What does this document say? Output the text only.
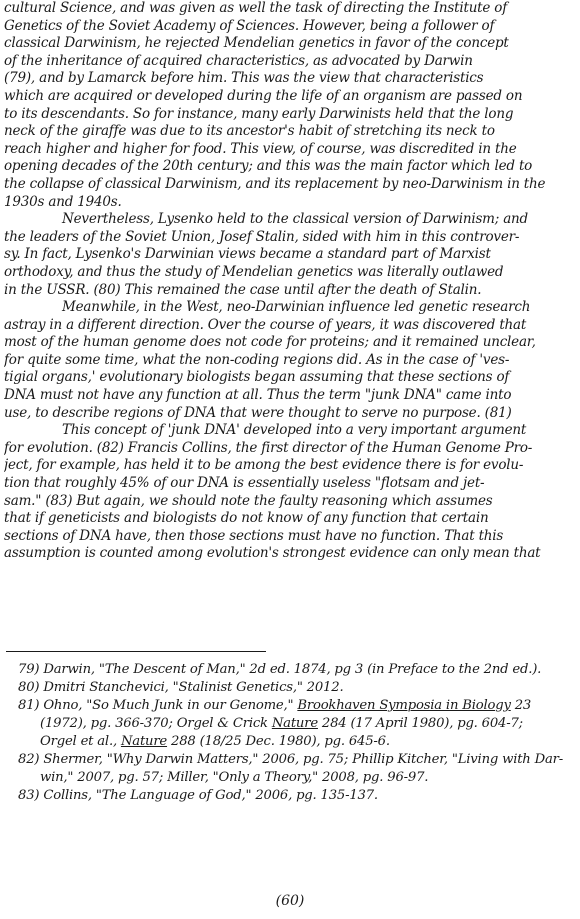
cultural Science, and was given as well the task of directing the Institute of
Genetics of the Soviet Academy of Sciences. However, being a follower of
classical Darwinism, he rejected Mendelian genetics in favor of the concept
of the inheritance of acquired characteristics, as advocated by Darwin
(79), and by Lamarck before him. This was the view that characteristics
which are acquired or developed during the life of an organism are passed on
to its descendants. So for instance, many early Darwinists held that the long
neck of the giraffe was due to its ancestor's habit of stretching its neck to
reach higher and higher for food. This view, of course, was discredited in the
opening decades of the 20th century; and this was the main factor which led to
the collapse of classical Darwinism, and its replacement by neo-Darwinism in the
1930s and 1940s.
Nevertheless, Lysenko held to the classical version of Darwinism; and
the leaders of the Soviet Union, Josef Stalin, sided with him in this controver-
sy. In fact, Lysenko's Darwinian views became a standard part of Marxist
orthodoxy, and thus the study of Mendelian genetics was literally outlawed
in the USSR. (80) This remained the case until after the death of Stalin.
Meanwhile, in the West, neo-Darwinian influence led genetic research
astray in a different direction. Over the course of years, it was discovered that
most of the human genome does not code for proteins; and it remained unclear,
for quite some time, what the non-coding regions did. As in the case of 'ves-
tigial organs,' evolutionary biologists began assuming that these sections of
DNA must not have any function at all. Thus the term "junk DNA" came into
use, to describe regions of DNA that were thought to serve no purpose. (81)
This concept of 'junk DNA' developed into a very important argument
for evolution. (82) Francis Collins, the first director of the Human Genome Pro-
ject, for example, has held it to be among the best evidence there is for evolu-
tion that roughly 45% of our DNA is essentially useless "flotsam and jet-
sam." (83) But again, we should note the faulty reasoning which assumes
that if geneticists and biologists do not know of any function that certain
sections of DNA have, then those sections must have no function. That this
assumption is counted among evolution's strongest evidence can only mean that
79) Darwin, "The Descent of Man," 2d ed. 1874, pg 3 (in Preface to the 2nd ed.).
80) Dmitri Stanchevici, "Stalinist Genetics," 2012.
81) Ohno, "So Much Junk in our Genome," Brookhaven Symposia in Biology 23
(1972), pg. 366-370; Orgel & Crick Nature 284 (17 April 1980), pg. 604-7;
Orgel et al., Nature 288 (18/25 Dec. 1980), pg. 645-6.
82) Shermer, "Why Darwin Matters," 2006, pg. 75; Phillip Kitcher, "Living with Dar-
win," 2007, pg. 57; Miller, "Only a Theory," 2008, pg. 96-97.
83) Collins, "The Language of God," 2006, pg. 135-137.
(60)
